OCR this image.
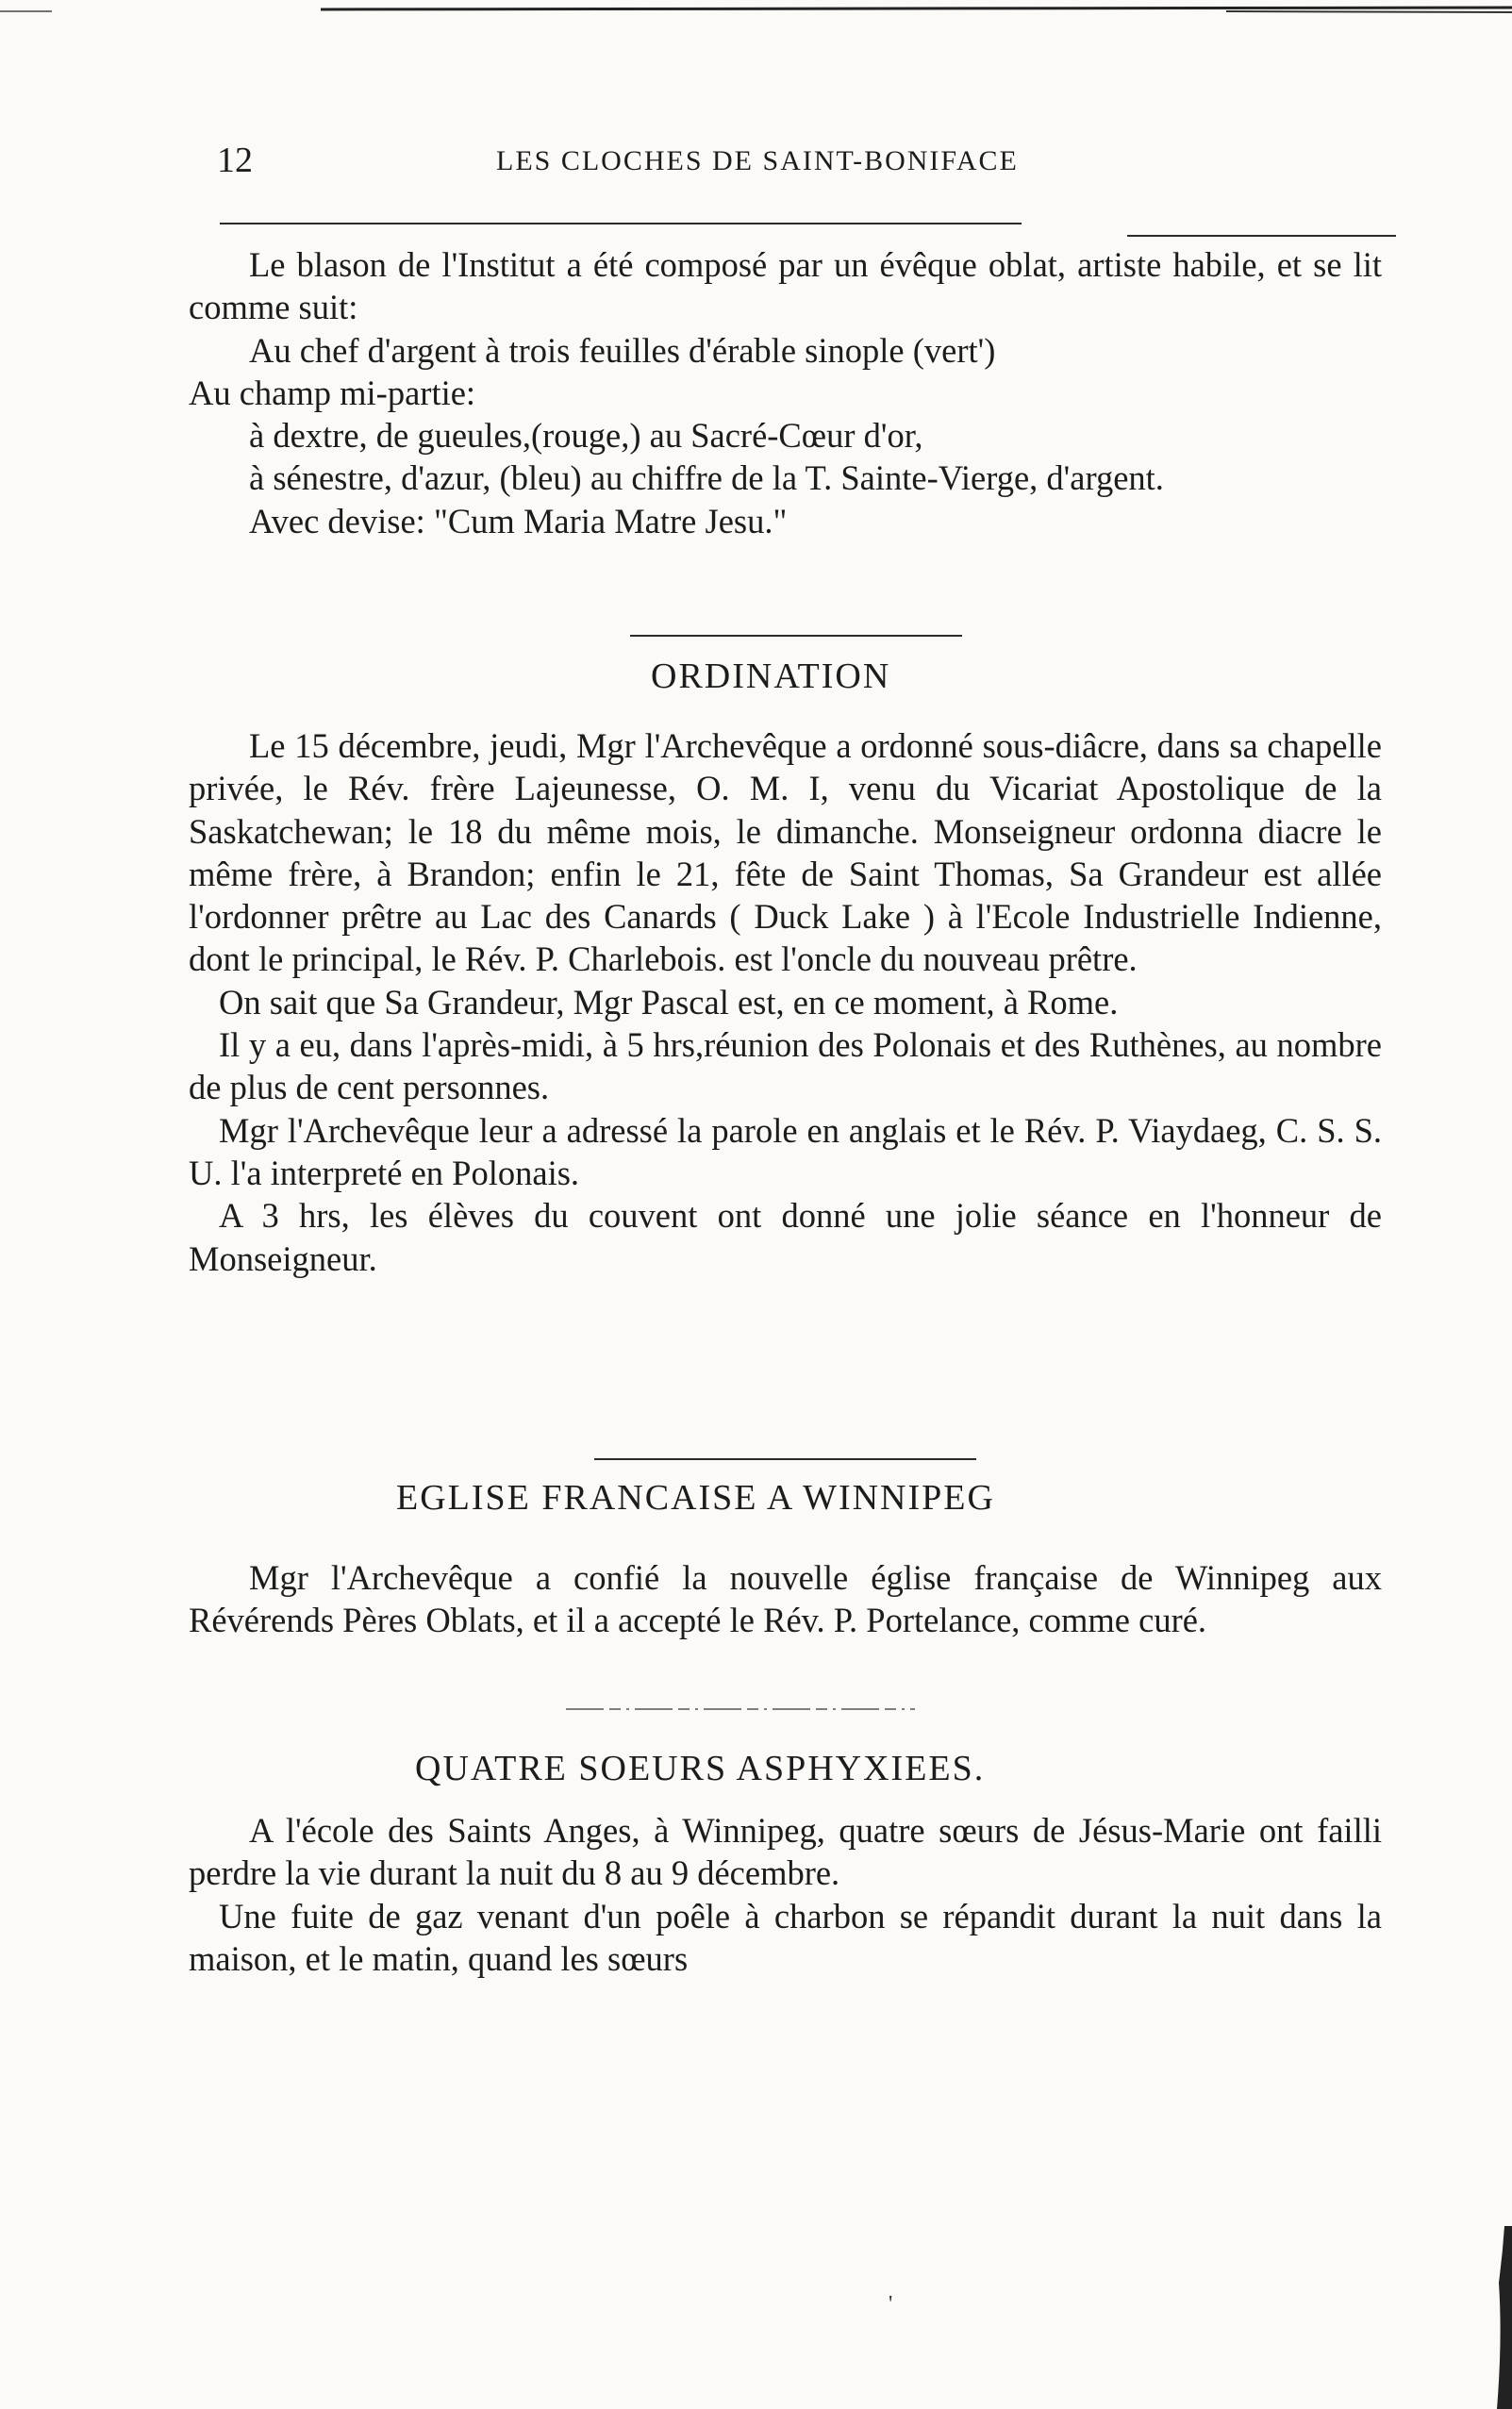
12	LES CLOCHES DE SAINT-BONIFACE

Le blason de l'Institut a été composé par un évêque oblat, artiste habile, et se lit comme suit:

Au chef d'argent à trois feuilles d'érable sinople (vert')

Au champ mi-partie:

à dextre, de gueules,(rouge,) au Sacré-Cœur d'or,

à sénestre, d'azur, (bleu) au chiffre de la T. Sainte-Vierge, d'argent.

Avec devise: "Cum Maria Matre Jesu."

ORDINATION

Le 15 décembre, jeudi, Mgr l'Archevêque a ordonné sous-diâcre, dans sa chapelle privée, le Rév. frère Lajeunesse, O. M. I, venu du Vicariat Apostolique de la Saskatchewan; le 18 du même mois, le dimanche. Monseigneur ordonna diacre le même frère, à Brandon; enfin le 21, fête de Saint Thomas, Sa Grandeur est allée l'ordonner prêtre au Lac des Canards ( Duck Lake ) à l'Ecole Industrielle Indienne, dont le principal, le Rév. P. Charlebois. est l'oncle du nouveau prêtre.

On sait que Sa Grandeur, Mgr Pascal est, en ce moment, à Rome.

Il y a eu, dans l'après-midi, à 5 hrs,réunion des Polonais et des Ruthènes, au nombre de plus de cent personnes.

Mgr l'Archevêque leur a adressé la parole en anglais et le Rév. P. Viaydaeg, C. S. S. U. l'a interpreté en Polonais.

A 3 hrs, les élèves du couvent ont donné une jolie séance en l'honneur de Monseigneur.

EGLISE FRANCAISE A WINNIPEG

Mgr l'Archevêque a confié la nouvelle église française de Winnipeg aux Révérends Pères Oblats, et il a accepté le Rév. P. Portelance, comme curé.

QUATRE SOEURS ASPHYXIEES.

A l'école des Saints Anges, à Winnipeg, quatre sœurs de Jésus-Marie ont failli perdre la vie durant la nuit du 8 au 9 décembre.

Une fuite de gaz venant d'un poêle à charbon se répandit durant la nuit dans la maison, et le matin, quand les sœurs

'
